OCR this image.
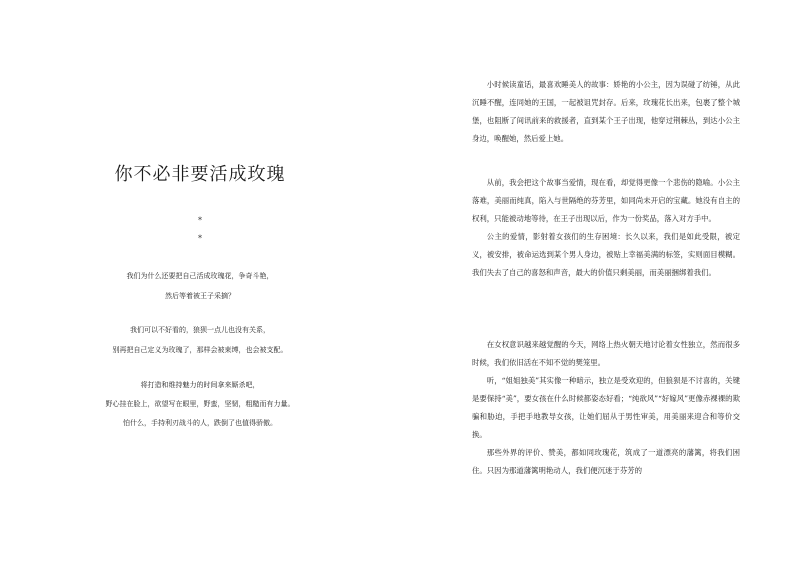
你不必非要活成玫瑰
*
*
我们为什么还要把自己活成玫瑰花，争奇斗艳，
然后等着被王子采摘？
我们可以不好看的，狼狈一点儿也没有关系，
别再把自己定义为玫瑰了，那样会被束缚，也会被支配。
将打造和维持魅力的时间拿来厮杀吧，
野心挂在脸上，欲望写在眼里，野蛮，坚韧，粗糙而有力量。
怕什么，手持利刃战斗的人，跌倒了也值得骄傲。

小时候读童话，最喜欢睡美人的故事：娇艳的小公主，因为误碰了纺锤，从此沉睡不醒，连同她的王国，一起被诅咒封存。后来，玫瑰花长出来，包裹了整个城堡，也阻断了间讯前来的救援者，直到某个王子出现，他穿过荆棘丛，到达小公主身边，唤醒她，然后爱上她。

从前，我会把这个故事当爱情，现在看，却觉得更像一个悲伤的隐喻。小公主落难，美丽而纯真，陷入与世隔绝的芬芳里，如同尚未开启的宝藏。她没有自主的权利，只能被动地等待，在王子出现以后，作为一份奖品，落入对方手中。

公主的爱情，影射着女孩们的生存困境：长久以来，我们是如此受限，被定义，被安排，被命运选到某个男人身边，被贴上幸福美满的标签，实则面目模糊。我们失去了自己的喜怒和声音，最大的价值只剩美丽，而美丽捆绑着我们。

在女权意识越来越觉醒的今天，网络上热火朝天地讨论着女性独立，然而很多时候，我们依旧活在不知不觉的樊笼里。

听，“姐姐独美”其实像一种暗示，独立是受欢迎的，但狼狈是不讨喜的，关键是要保持“美”，要女孩在什么时候都姿态好看；“纯欲风”“好嫁风”更像赤裸裸的欺骗和胁迫，手把手地教导女孩，让她们屈从于男性审美，用美丽来迎合和等价交换。

那些外界的评价、赞美，都如同玫瑰花，筑成了一道漂亮的藩篱，将我们困住。只因为那道藩篱明艳动人，我们便沉迷于芬芳的
